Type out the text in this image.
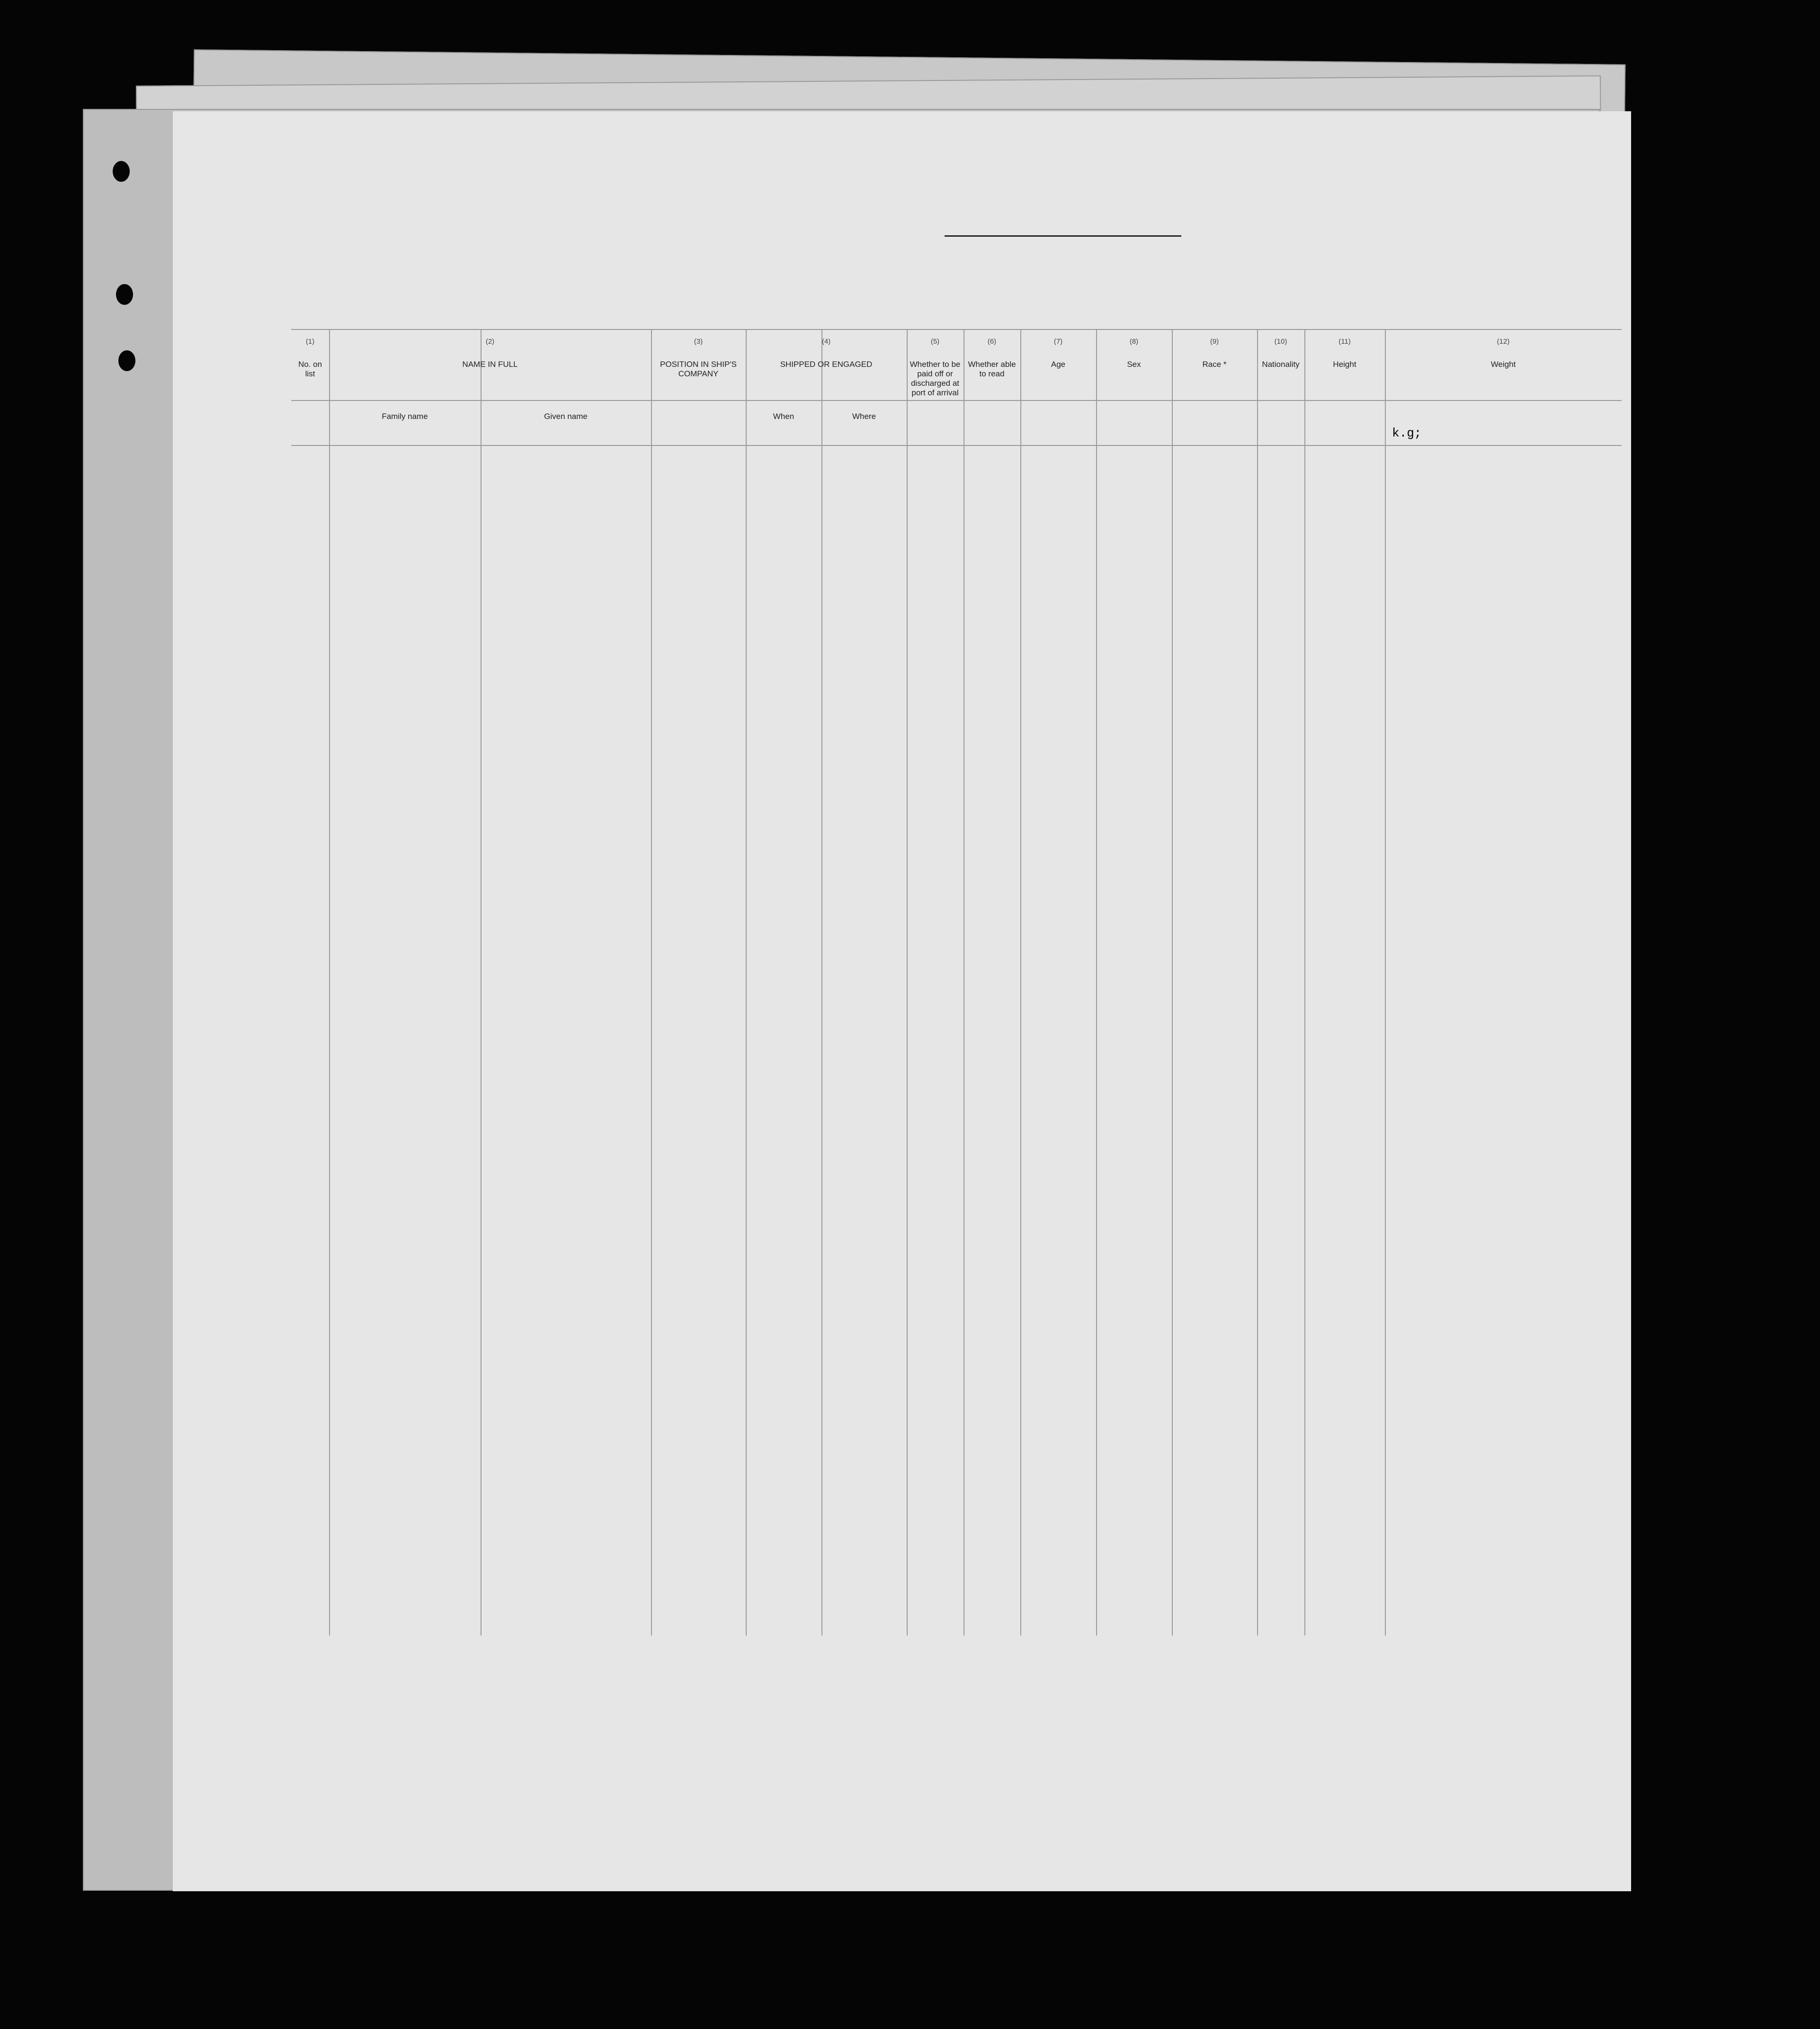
(1)
No. on list
(2)
NAME IN FULL
Family name	Given name
(3)
POSITION IN SHIP'S COMPANY
(4)
SHIPPED OR ENGAGED
When	Where
(5)
Whether to be paid off or discharged at port of arrival
(6)
Whether able to read
(7)
Age
(8)
Sex
(9)
Race *
(10)
Nationality
(11)
Height
(12)
Weight
k.g;
